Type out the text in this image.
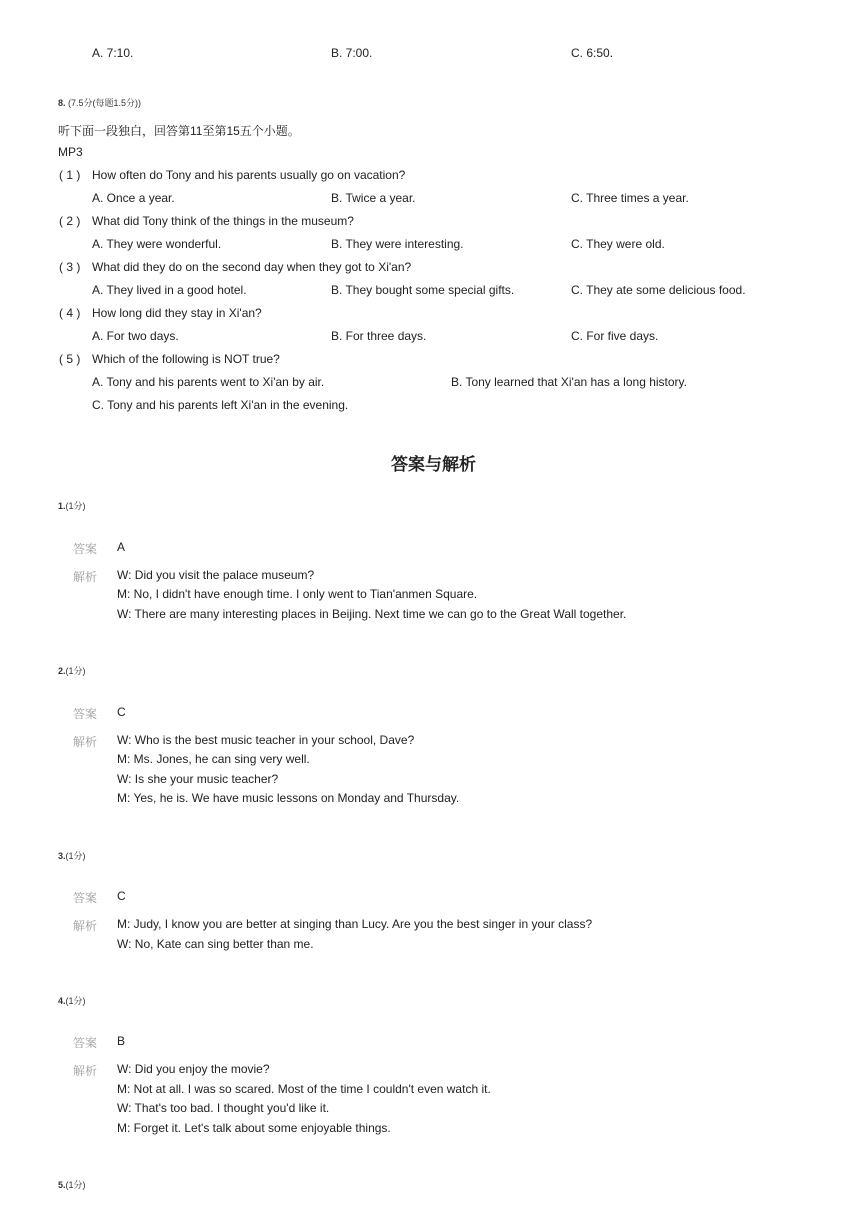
A. 7:10.	B. 7:00.	C. 6:50.
8. (7.5分(每题1.5分))
听下面一段独白，回答第11至第15五个小题。
MP3
( 1 ) How often do Tony and his parents usually go on vacation?
A. Once a year.	B. Twice a year.	C. Three times a year.
( 2 ) What did Tony think of the things in the museum?
A. They were wonderful.	B. They were interesting.	C. They were old.
( 3 ) What did they do on the second day when they got to Xi'an?
A. They lived in a good hotel.	B. They bought some special gifts.	C. They ate some delicious food.
( 4 ) How long did they stay in Xi'an?
A. For two days.	B. For three days.	C. For five days.
( 5 ) Which of the following is NOT true?
A. Tony and his parents went to Xi'an by air.	B. Tony learned that Xi'an has a long history.
C. Tony and his parents left Xi'an in the evening.
答案与解析
1.(1分)
答案 A
解析 W: Did you visit the palace museum?
M: No, I didn't have enough time. I only went to Tian'anmen Square.
W: There are many interesting places in Beijing. Next time we can go to the Great Wall together.
2.(1分)
答案 C
解析 W: Who is the best music teacher in your school, Dave?
M: Ms. Jones, he can sing very well.
W: Is she your music teacher?
M: Yes, he is. We have music lessons on Monday and Thursday.
3.(1分)
答案 C
解析 M: Judy, I know you are better at singing than Lucy. Are you the best singer in your class?
W: No, Kate can sing better than me.
4.(1分)
答案 B
解析 W: Did you enjoy the movie?
M: Not at all. I was so scared. Most of the time I couldn't even watch it.
W: That's too bad. I thought you'd like it.
M: Forget it. Let's talk about some enjoyable things.
5.(1分)
